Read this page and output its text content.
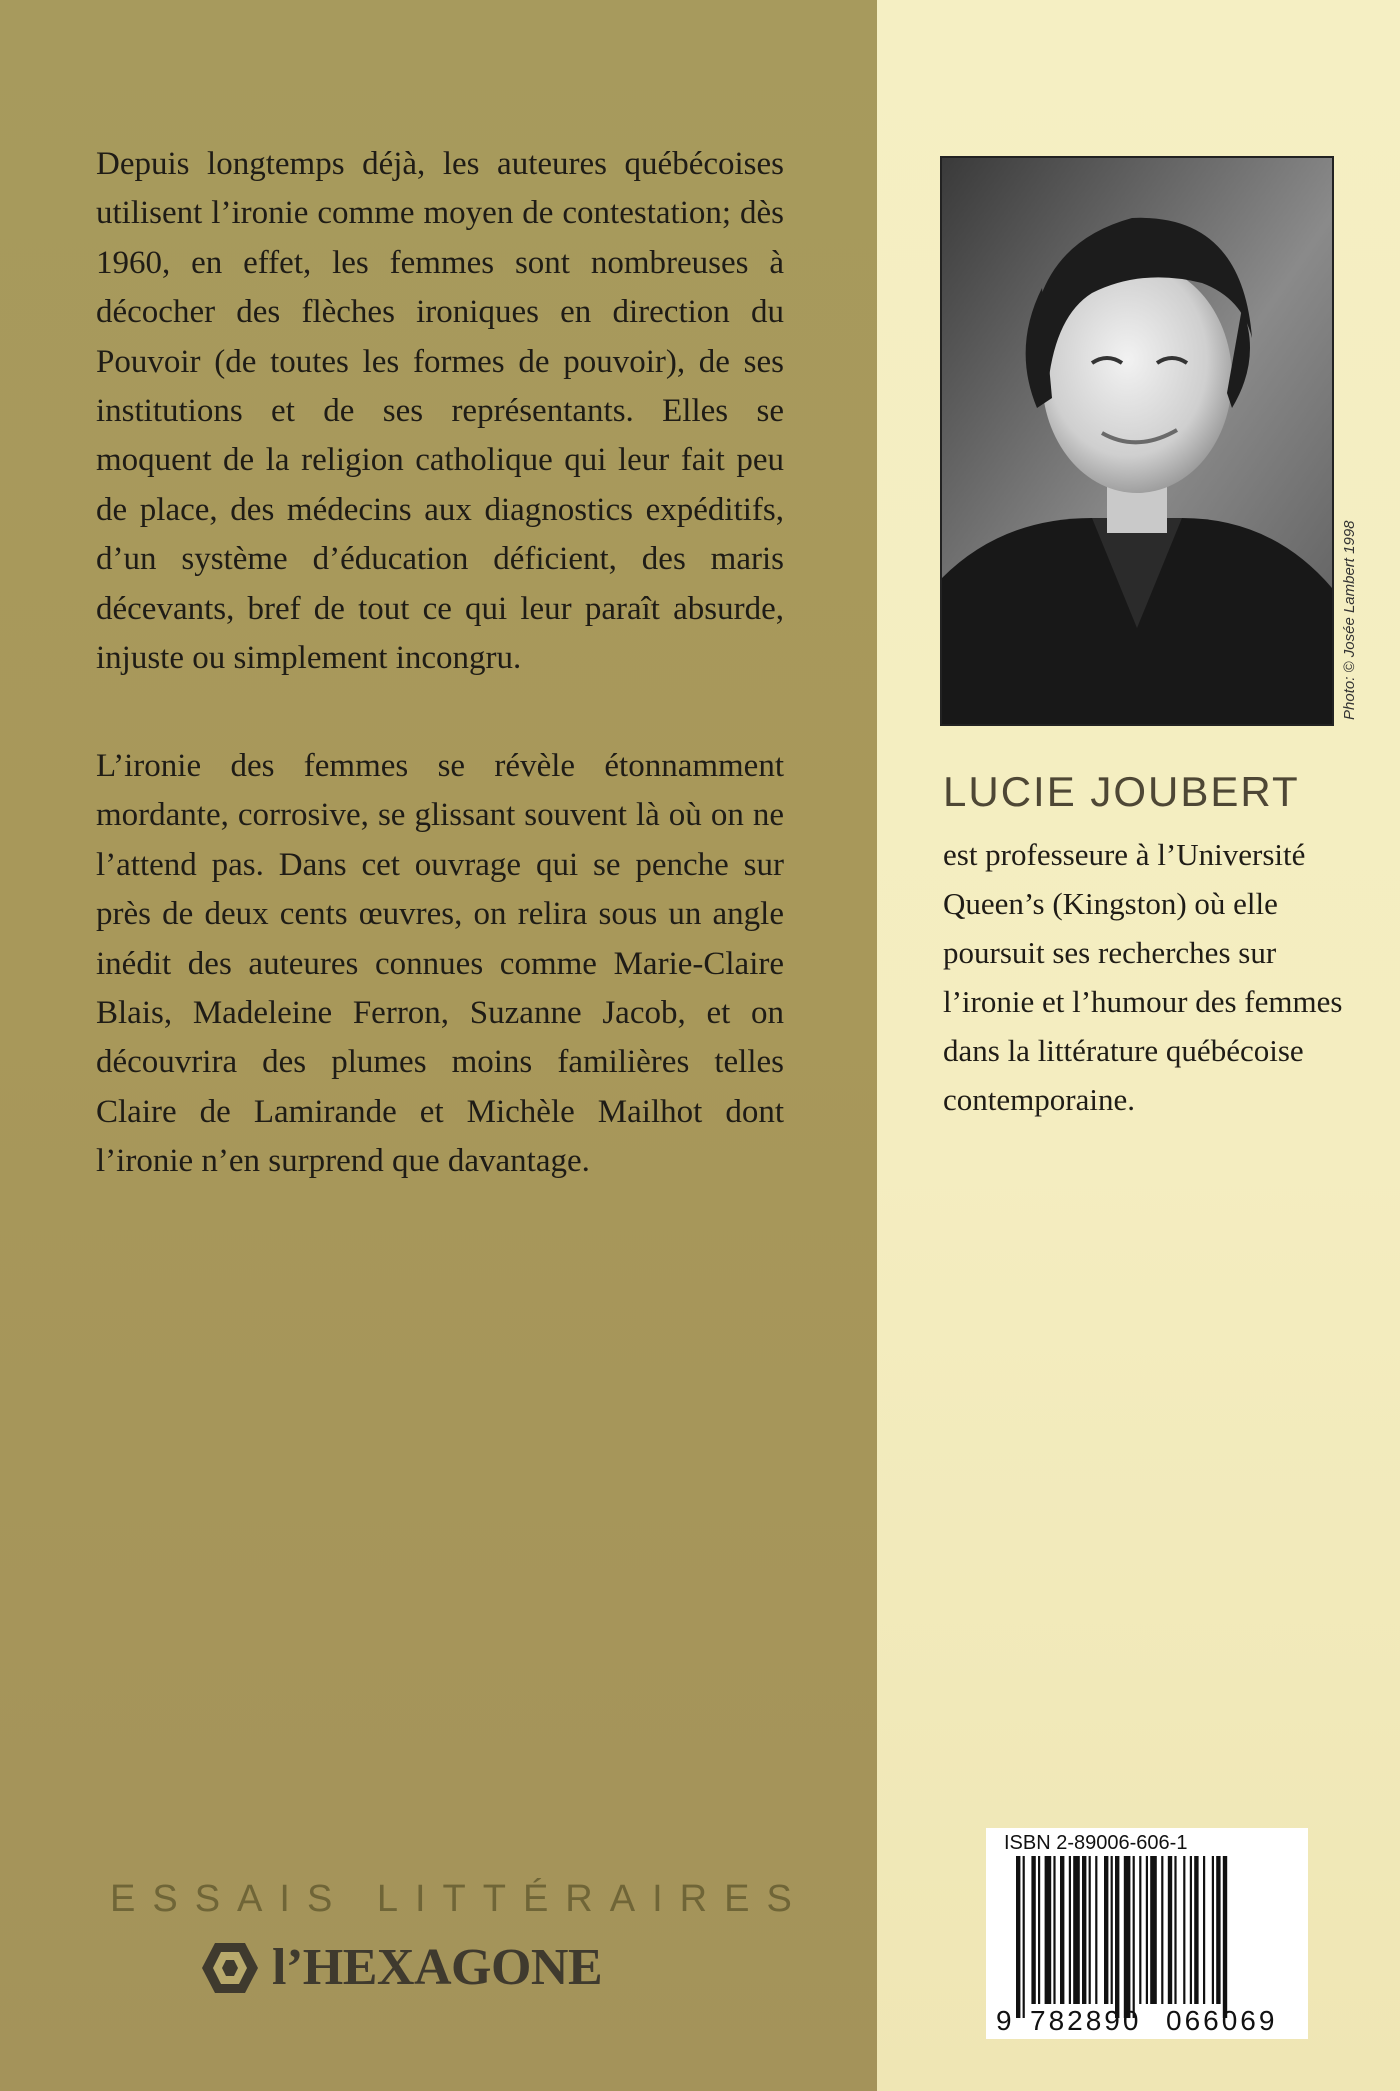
Depuis longtemps déjà, les auteures québécoises utilisent l’ironie comme moyen de contestation; dès 1960, en effet, les femmes sont nombreuses à décocher des flèches ironiques en direction du Pouvoir (de toutes les formes de pouvoir), de ses institutions et de ses représentants. Elles se moquent de la religion catholique qui leur fait peu de place, des médecins aux diagnostics expéditifs, d’un système d’éducation déficient, des maris décevants, bref de tout ce qui leur paraît absurde, injuste ou simplement incongru.

L’ironie des femmes se révèle étonnamment mordante, corrosive, se glissant souvent là où on ne l’attend pas. Dans cet ouvrage qui se penche sur près de deux cents œuvres, on relira sous un angle inédit des auteures connues comme Marie-Claire Blais, Madeleine Ferron, Suzanne Jacob, et on découvrira des plumes moins familières telles Claire de Lamirande et Michèle Mailhot dont l’ironie n’en surprend que davantage.

ESSAIS LITTÉRAIRES
l’HEXAGONE
Photo: © Josée Lambert 1998
LUCIE JOUBERT

est professeure à l’Université Queen’s (Kingston) où elle poursuit ses recherches sur l’ironie et l’humour des femmes dans la littérature québécoise contemporaine.

ISBN 2-89006-606-1
9 782890 066069
